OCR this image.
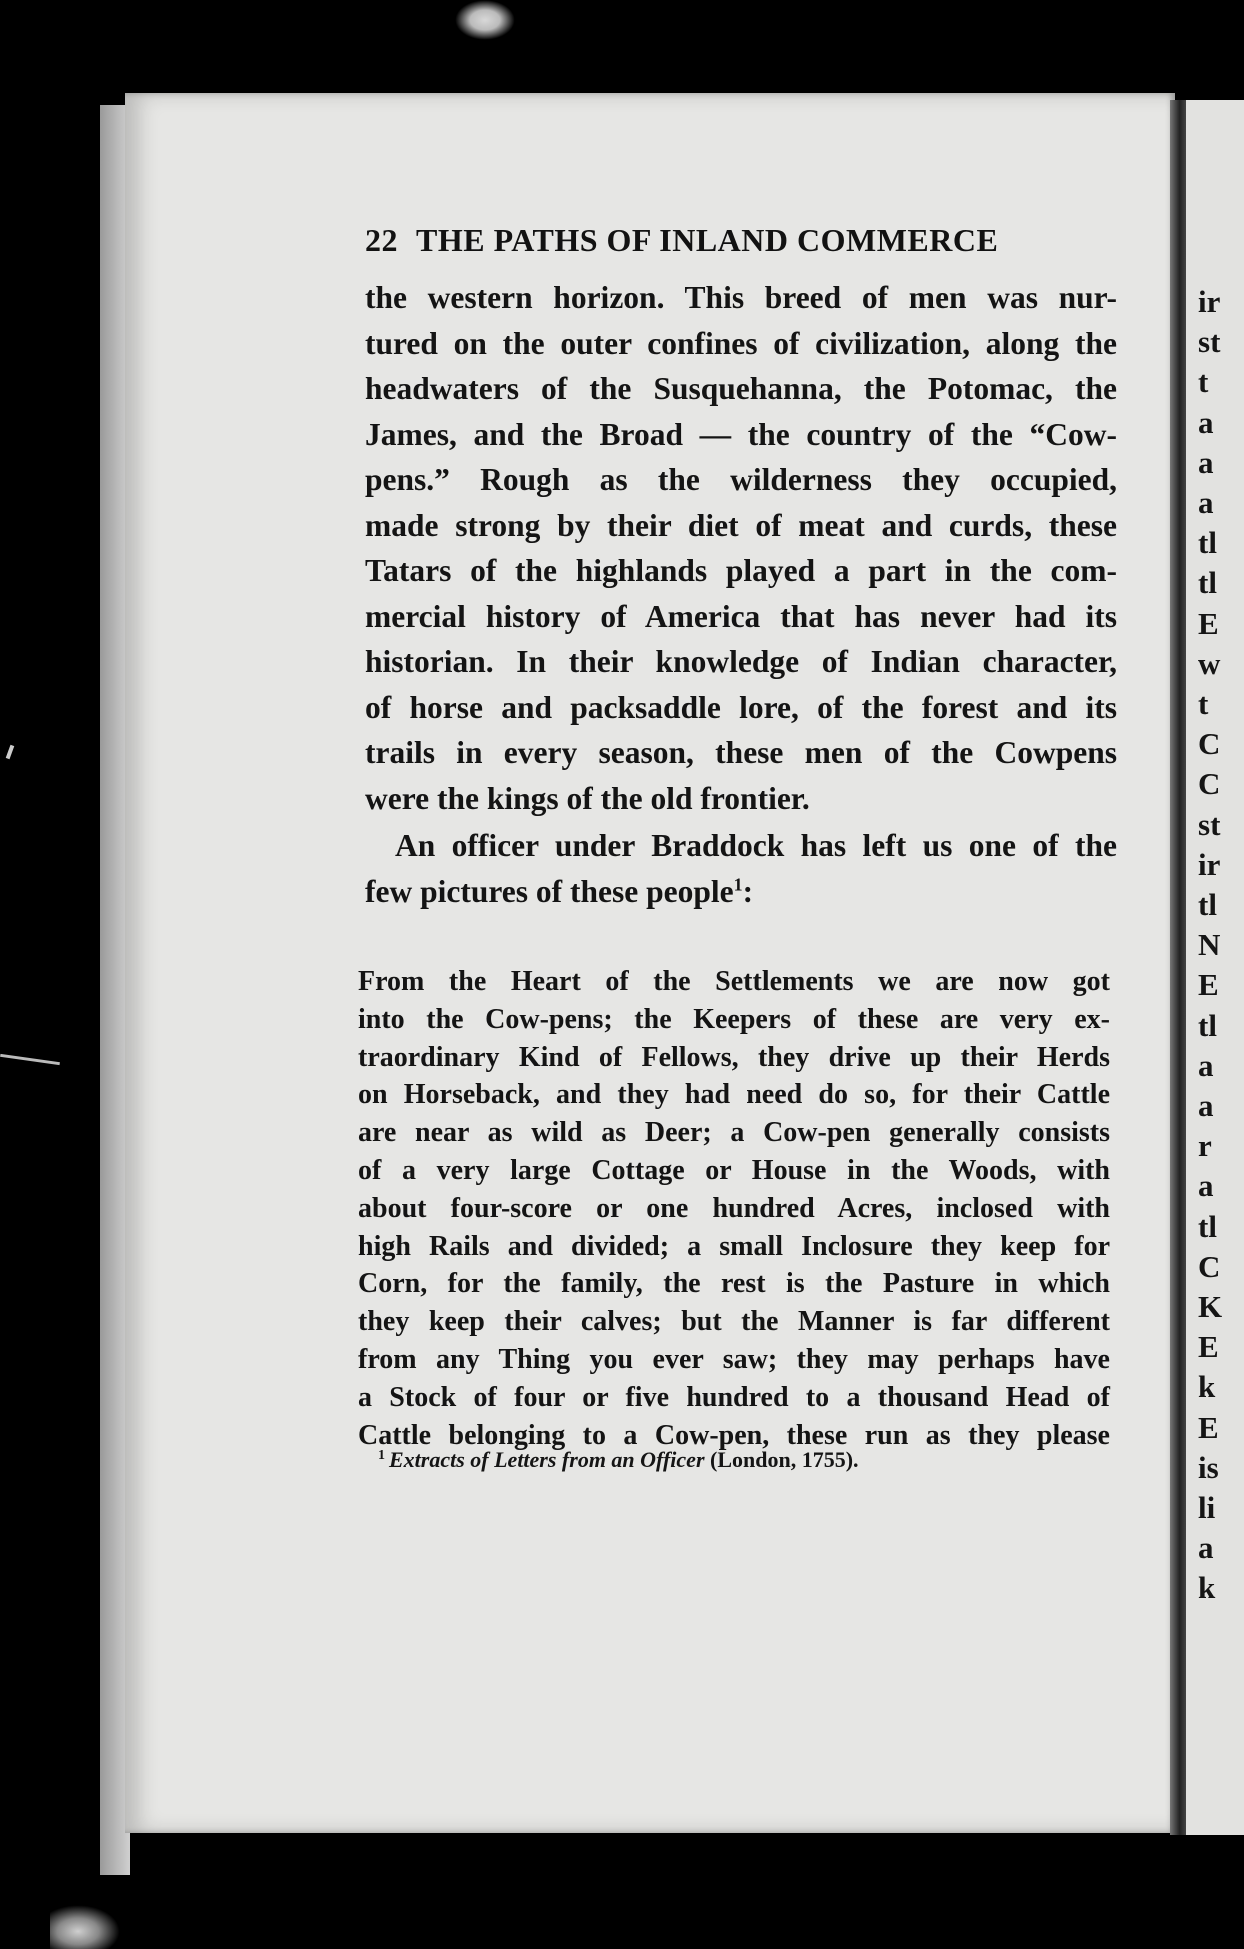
ir
st
t
a
a
a
tl
tl
E
w
t
C
C
st
ir
tl
N
E
tl
a
a
r
a
tl
C
K
E
k
E
is
li
a
k
22 THE PATHS OF INLAND COMMERCE
the western horizon. This breed of men was nur-
tured on the outer confines of civilization, along the
headwaters of the Susquehanna, the Potomac, the
James, and the Broad — the country of the “Cow-
pens.” Rough as the wilderness they occupied,
made strong by their diet of meat and curds, these
Tatars of the highlands played a part in the com-
mercial history of America that has never had its
historian. In their knowledge of Indian character,
of horse and packsaddle lore, of the forest and its
trails in every season, these men of the Cowpens
were the kings of the old frontier.
An officer under Braddock has left us one of the
few pictures of these people$^1$:
From the Heart of the Settlements we are now got
into the Cow-pens; the Keepers of these are very ex-
traordinary Kind of Fellows, they drive up their Herds
on Horseback, and they had need do so, for their Cattle
are near as wild as Deer; a Cow-pen generally consists
of a very large Cottage or House in the Woods, with
about four-score or one hundred Acres, inclosed with
high Rails and divided; a small Inclosure they keep for
Corn, for the family, the rest is the Pasture in which
they keep their calves; but the Manner is far different
from any Thing you ever saw; they may perhaps have
a Stock of four or five hundred to a thousand Head of
Cattle belonging to a Cow-pen, these run as they please
$^1$ Extracts of Letters from an Officer (London, 1755).
